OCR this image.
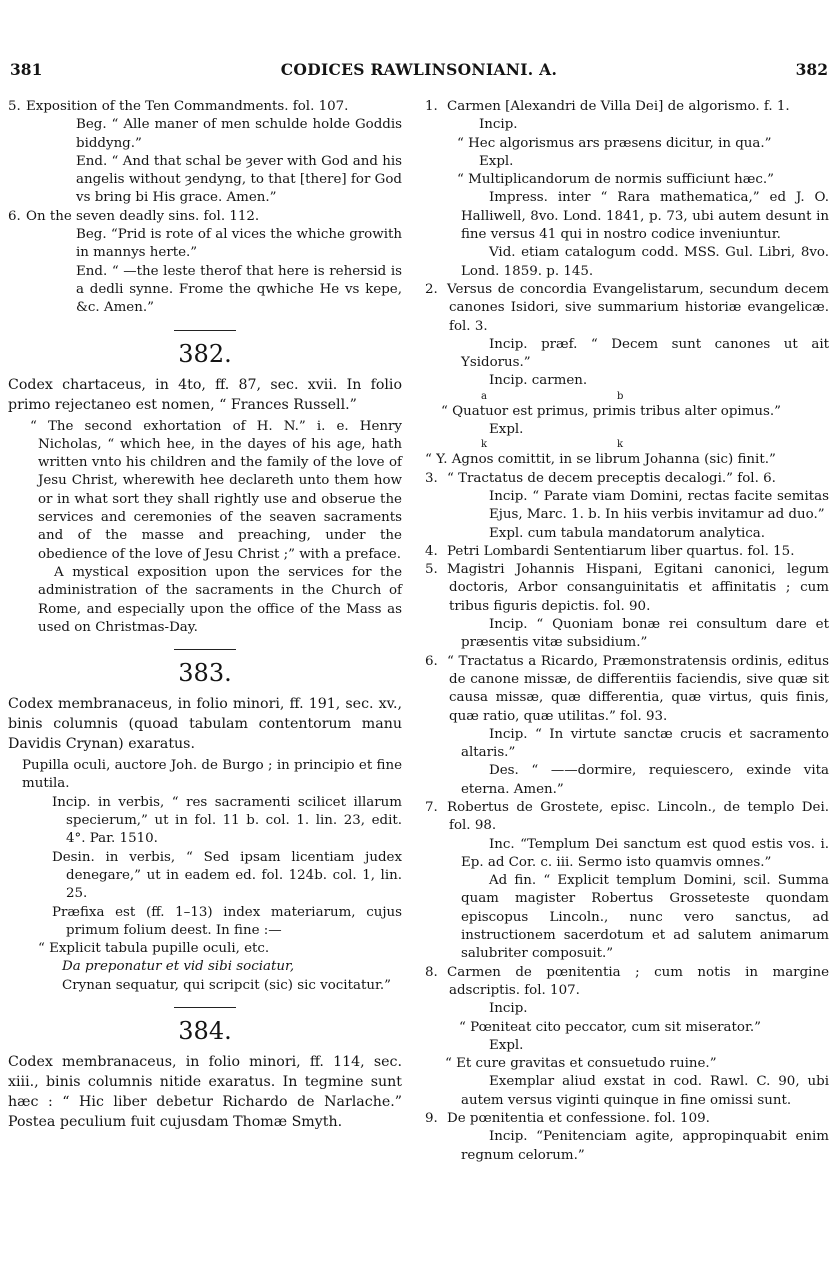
381	CODICES RAWLINSONIANI. A.	382

5. Exposition of the Ten Commandments. fol. 107.

Beg. “ Alle maner of men schulde holde Goddis biddyng.”

End. “ And that schal be ȝever with God and his angelis without ȝendyng, to that [there] for God vs bring bi His grace. Amen.”

6. On the seven deadly sins. fol. 112.

Beg. “Prid is rote of al vices the whiche growith in mannys herte.”

End. “ —the leste therof that here is rehersid is a dedli synne. Frome the qwhiche He vs kepe, &c. Amen.”

382.

Codex chartaceus, in 4to, ff. 87, sec. xvii. In folio primo rejectaneo est nomen, “ Frances Russell.”

“ The second exhortation of H. N.” i. e. Henry Nicholas, “ which hee, in the dayes of his age, hath written vnto his children and the family of the love of Jesu Christ, wherewith hee declareth unto them how or in what sort they shall rightly use and obserue the services and ceremonies of the seaven sacraments and of the masse and preaching, under the obedience of the love of Jesu Christ ;” with a preface.

A mystical exposition upon the services for the administration of the sacraments in the Church of Rome, and especially upon the office of the Mass as used on Christmas-Day.

383.

Codex membranaceus, in folio minori, ff. 191, sec. xv., binis columnis (quoad tabulam contentorum manu Davidis Crynan) exaratus.

Pupilla oculi, auctore Joh. de Burgo ; in principio et fine mutila.

Incip. in verbis, “ res sacramenti scilicet illarum specierum,” ut in fol. 11 b. col. 1. lin. 23, edit. 4°. Par. 1510.

Desin. in verbis, “ Sed ipsam licentiam judex denegare,” ut in eadem ed. fol. 124b. col. 1, lin. 25.

Præfixa est (ff. 1–13) index materiarum, cujus primum folium deest. In fine :—

“ Explicit tabula pupille oculi, etc.

Da preponatur et vid sibi sociatur,

Crynan sequatur, qui scripcit (sic) sic vocitatur.”

384.

Codex membranaceus, in folio minori, ff. 114, sec. xiii., binis columnis nitide exaratus. In tegmine sunt hæc : “ Hic liber debetur Richardo de Narlache.” Postea peculium fuit cujusdam Thomæ Smyth.

1. Carmen [Alexandri de Villa Dei] de algorismo. f. 1.

Incip.

“ Hec algorismus ars præsens dicitur, in qua.”

Expl.

“ Multiplicandorum de normis sufficiunt hæc.”

Impress. inter “ Rara mathematica,” ed J. O. Halliwell, 8vo. Lond. 1841, p. 73, ubi autem desunt in fine versus 41 qui in nostro codice inveniuntur.

Vid. etiam catalogum codd. MSS. Gul. Libri, 8vo. Lond. 1859. p. 145.

2. Versus de concordia Evangelistarum, secundum decem canones Isidori, sive summarium historiæ evangelicæ. fol. 3.

Incip. præf. “ Decem sunt canones ut ait Ysidorus.”

Incip. carmen.

a	b

“ Quatuor est primus, primis tribus alter opimus.”

Expl.

k	k

“ Y. Agnos comittit, in se librum Johanna (sic) finit.”

3. “ Tractatus de decem preceptis decalogi.” fol. 6.

Incip. “ Parate viam Domini, rectas facite semitas Ejus, Marc. 1. b. In hiis verbis invitamur ad duo.”

Expl. cum tabula mandatorum analytica.

4. Petri Lombardi Sententiarum liber quartus. fol. 15.

5. Magistri Johannis Hispani, Egitani canonici, legum doctoris, Arbor consanguinitatis et affinitatis ; cum tribus figuris depictis. fol. 90.

Incip. “ Quoniam bonæ rei consultum dare et præsentis vitæ subsidium.”

6. “ Tractatus a Ricardo, Præmonstratensis ordinis, editus de canone missæ, de differentiis faciendis, sive quæ sit causa missæ, quæ differentia, quæ virtus, quis finis, quæ ratio, quæ utilitas.” fol. 93.

Incip. “ In virtute sanctæ crucis et sacramento altaris.”

Des. “ ——dormire, requiescero, exinde vita eterna. Amen.”

7. Robertus de Grostete, episc. Lincoln., de templo Dei. fol. 98.

Inc. “Templum Dei sanctum est quod estis vos. i. Ep. ad Cor. c. iii. Sermo isto quamvis omnes.”

Ad fin. “ Explicit templum Domini, scil. Summa quam magister Robertus Grosseteste quondam episcopus Lincoln., nunc vero sanctus, ad instructionem sacerdotum et ad salutem animarum salubriter composuit.”

8. Carmen de pœnitentia ; cum notis in margine adscriptis. fol. 107.

Incip.

“ Pœniteat cito peccator, cum sit miserator.”

Expl.

“ Et cure gravitas et consuetudo ruine.”

Exemplar aliud exstat in cod. Rawl. C. 90, ubi autem versus viginti quinque in fine omissi sunt.

9. De pœnitentia et confessione. fol. 109.

Incip. “Penitenciam agite, appropinquabit enim regnum celorum.”
